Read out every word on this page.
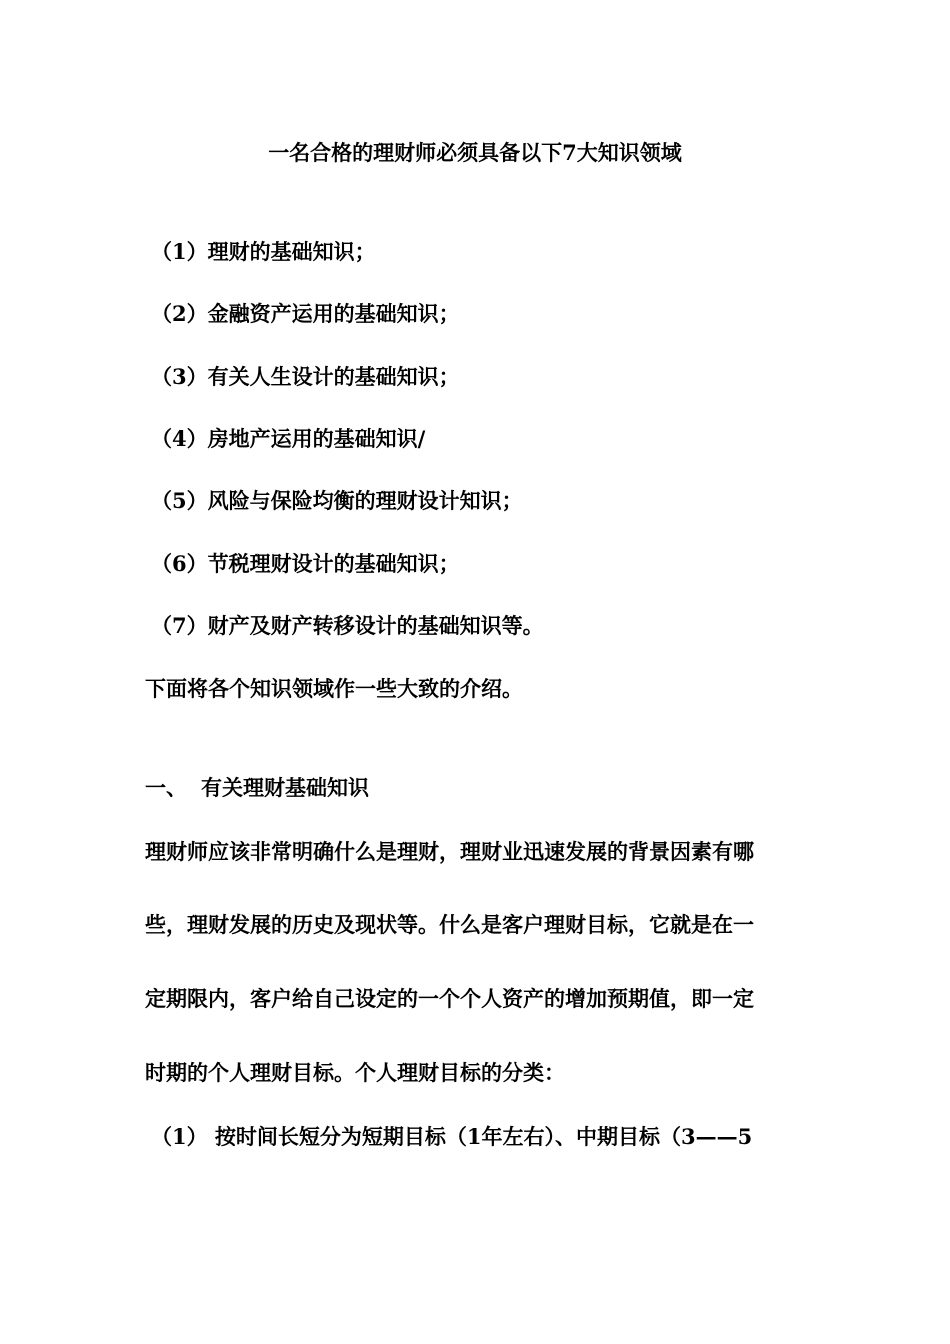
一名合格的理财师必须具备以下7大知识领域
（1）理财的基础知识；
（2）金融资产运用的基础知识；
（3）有关人生设计的基础知识；
（4）房地产运用的基础知识/
（5）风险与保险均衡的理财设计知识；
（6）节税理财设计的基础知识；
（7）财产及财产转移设计的基础知识等。
下面将各个知识领域作一些大致的介绍。
一、 有关理财基础知识
理财师应该非常明确什么是理财，理财业迅速发展的背景因素有哪
些，理财发展的历史及现状等。什么是客户理财目标，它就是在一
定期限内，客户给自己设定的一个个人资产的增加预期值，即一定
时期的个人理财目标。个人理财目标的分类：
（1） 按时间长短分为短期目标（1年左右）、中期目标（3——5
